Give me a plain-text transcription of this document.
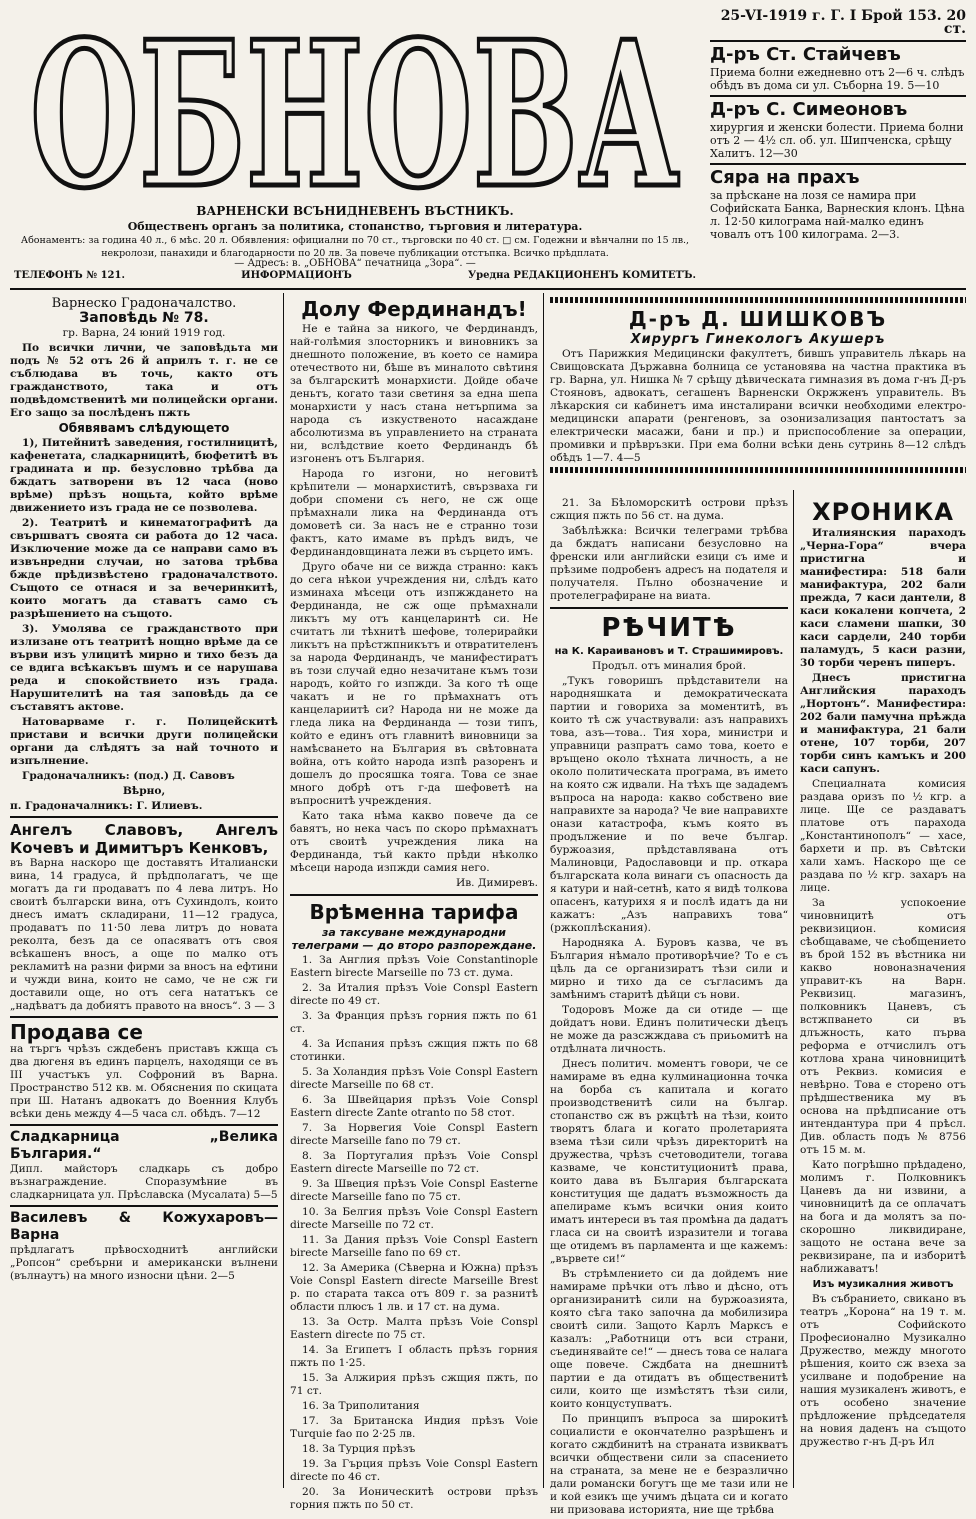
ОБНОВА
ВАРНЕНСКИ ВСЪНИДНЕВЕНЪ ВЪСТНИКЪ.
Общественъ органъ за политика, стопанство, търговия и литература.
Абонаментъ: за година 40 л., 6 мѣс. 20 л. Обявления: официални по 70 ст., търговски по 40 ст. □ см. Годежни и вѣнчални по 15 лв., некролози, панахиди и благодарности по 20 лв. За повече публикации отстъпка. Всичко прѣдплата.
— Адресъ: в. „ОБНОВА“ печатница „Зора“. —
ТЕЛЕФОНЪ № 121.	ИНФОРМАЦИОНЪ	Уредна РЕДАКЦИОНЕНЪ КОМИТЕТЪ.
25-VI-1919 г. Г. I Брой 153. 20 ст.
Д-ръ Ст. Стайчевъ

Приема болни ежедневно отъ 2—6 ч. слѣдъ обѣдъ въ дома си ул. Съборна 19. 5—10

Д-ръ С. Симеоновъ

хирургия и женски болести. Приема болни отъ 2 — 4½ сл. об. ул. Шипченска, срѣщу Халитъ. 12—30

Сяра на прахъ

за прѣскане на лозя се намира при Софийската Банка, Варнеския клонъ. Цѣна л. 12·50 килограма най-малко единъ човалъ отъ 100 килограма. 2—3.

Варнеско Градоначалство.
Заповѣдь № 78.

гр. Варна, 24 юний 1919 год.

По всички лични, че заповѣдьта ми подъ № 52 отъ 26 й априлъ т. г. не се съблюдава въ точь, както отъ гражданството, така и отъ подвѣдомственитѣ ми полицейски органи. Его защо за послѣденъ пжть

Обявявамъ слѣдующето

1), Питейнитѣ заведения, гостилницитѣ, кафенетата, сладкарницитѣ, бюфетитѣ въ градината и пр. безусловно трѣбва да бждатъ затворени въ 12 часа (ново врѣме) прѣзъ нощьта, който врѣме движението изъ града не се позволева.

2). Театритѣ и кинематографитѣ да свършватъ своята си работа до 12 часа. Изключение може да се направи само въ извънредни случаи, но затова трѣбва бжде прѣдизвѣстено градоначалството. Същото се отнася и за вечеринкитѣ, които могатъ да ставатъ само съ разрѣшението на същото.

3). Умолява се гражданството при излизане отъ театритѣ нощно врѣме да се върви изъ улицитѣ мирно и тихо безъ да се вдига всѣкакъвъ шумъ и се нарушава реда и спокойствието изъ града. Нарушителитѣ на тая заповѣдь да се съставятъ актове.

Натоварваме г. г. Полицейскитѣ пристави и всички други полицейски органи да слѣдятъ за най точното и изпълнение.

Градоначалникъ: (под.) Д. Савовъ

Вѣрно,

п. Градоначалникъ: Г. Илиевъ.

Ангелъ Славовъ, Ангелъ Кочевъ и Димитъръ Кенковъ,

въ Варна наскоро ще доставятъ Италиански вина, 14 градуса, й прѣдполагатъ, че ще могатъ да ги продаватъ по 4 лева литръ. Но своитѣ български вина, отъ Сухиндолъ, които днесъ иматъ складирани, 11—12 градуса, продаватъ по 11·50 лева литръ до новата реколта, безъ да се опасяватъ отъ своя всѣкашенъ вносъ, а още по малко отъ рекламитѣ на разни фирми за вносъ на ефтини и чужди вина, които не само, че не сж ги доставили още, но отъ сега нататъкъ се „надѣватъ да добиятъ правото на вносъ“. 3 — 3

Продава се

на търгъ чрѣзъ сждебенъ приставъ кжща съ два дюгеня въ единъ парцелъ, находящи се въ III участъкъ ул. Софроний въ Варна. Пространство 512 кв. м. Обяснения по скицата при Ш. Натанъ адвокатъ до Военния Клубъ всѣки день между 4—5 часа сл. обѣдъ. 7—12

Сладкарница „Велика България.“

Дипл. майсторъ сладкарь съ добро възнаграждение. Споразумѣние въ сладкарницата ул. Прѣславска (Мусалата) 5—5

Василевъ & Кожухаровъ— Варна

прѣдлагатъ прѣвосходнитѣ английски „Ропсон“ сребърни и американски вълнени (вълнаутъ) на много износни цѣни. 2—5

Долу Фердинандъ!

Не е тайна за никого, че Фердинандъ, най-голѣмия злосторникъ и виновникъ за днешното положение, въ което се намира отечеството ни, бѣше въ миналото свѣтиня за българскитѣ монархисти. Дойде обаче деньтъ, когато тази светиня за една шепа монархисти у насъ стана нетърпима за народа съ изкуственото насаждане абсолютизма въ управлението на страната ни, вслѣдствие което Фердинандъ бѣ изгоненъ отъ България.

Народа го изгони, но неговитѣ крѣпители — монархиститѣ, свързваха ги добри спомени съ него, не сж още прѣмахнали лика на Фердинанда отъ домоветѣ си. За насъ не е странно този фактъ, като имаме въ прѣдъ видъ, че Фердинандовщината лежи въ сърцето имъ.

Друго обаче ни се вижда странно: какъ до сега нѣкои учреждения ни, слѣдъ като изминаха мѣсеци отъ изпжждането на Фердинанда, не сж още прѣмахнали ликътъ му отъ канцеларинтѣ си. Не считатъ ли тѣхнитѣ шефове, толерирайки ликътъ на прѣстжпникътъ и отвратителенъ за народа Фердинандъ, че манифестиратъ въ този случай едно незачитане къмъ този народъ, който го изпжди. За кого тѣ още чакатъ и не го прѣмахнатъ отъ канцелариитѣ си? Народа ни не може да гледа лика на Фердинанда — този типъ, който е единъ отъ главнитѣ виновници за намѣсването на България въ свѣтовната война, отъ който народа изпѣ разоренъ и дошелъ до просяшка тояга. Това се знае много добрѣ отъ г-да шефоветѣ на въпроснитѣ учреждения.

Като така нѣма какво повече да се бавятъ, но нека часъ по скоро прѣмахнатъ отъ своитѣ учреждения лика на Фердинанда, тъй както прѣди нѣколко мѣсеци народа изпжди самия него.

Ив. Димиревъ.

Врѣменна тарифа
за таксуване международни телеграми — до второ разпореждане.

1. За Англия прѣзъ Voie Constantinople Eastern birecte Marseille по 73 ст. дума.

2. За Италия прѣзъ Voie Conspl Eastern directe по 49 ст.

3. За Франция прѣзъ горния пжть по 61 ст.

4. За Испания прѣзъ сжщия пжть по 68 стотинки.

5. За Холандия прѣзъ Voie Conspl Eastern directe Marseille по 68 ст.

6. За Швейцария прѣзъ Voie Conspl Eastern directe Zante otranto по 58 стот.

7. За Норвегия Voie Conspl Eastern directe Marseille fano по 79 ст.

8. За Португалия прѣзъ Voie Conspl Eastern directe Marseille по 72 ст.

9. За Швеция прѣзъ Voie Conspl Easterne directe Marseille fano по 75 ст.

10. За Белгия прѣзъ Voie Conspl Eastern directe Marseille по 72 ст.

11. За Дания прѣзъ Voie Conspl Eastern birecte Marseille fano по 69 ст.

12. За Америка (Сѣверна и Южна) прѣзъ Voie Conspl Eastern directe Marseille Brest р. по старата такса отъ 809 г. за разнитѣ области плюсъ 1 лв. и 17 ст. на дума.

13. За Остр. Малта прѣзъ Voie Conspl Eastern directe по 75 ст.

14. За Египетъ I область прѣзъ горния пжть по 1·25.

15. За Алжирия прѣзъ сжщия пжть, по 71 ст.

16. За Триполитания

17. За Британска Индия прѣзъ Voie Turquie fao по 2·25 лв.

18. За Турция прѣзъ

19. За Гърция прѣзъ Voie Conspl Eastern directe по 46 ст.

20. За Ионическитѣ острови прѣзъ горния пжть по 50 ст.

Д-ръ Д. ШИШКОВЪ
Хирургъ Гинекологъ Акушеръ

Отъ Парижкия Медицински факултетъ, бившъ управитель лѣкарь на Свищовската Държавна болница се установява на частна практика въ гр. Варна, ул. Нишка № 7 срѣщу дѣвическата гимназия въ дома г-нъ Д-ръ Стояновъ, адвокатъ, сегашенъ Варненски Окржженъ управитель. Въ лѣкарския си кабинетъ има инсталирани всички необходими електро-медицински апарати (ренгеновъ, за озонизализация пантостатъ за електрически масажи, бани и пр.) и приспособление за операции, промивки и прѣвръзки. При ема болни всѣки день сутринь 8—12 слѣдъ обѣдъ 1—7. 4—5

21. За Бѣломорскитѣ острови прѣзъ сжщия пжть по 56 ст. на дума.

Забѣлѣжка: Всички телеграми трѣбва да бждатъ написани безусловно на френски или английски езици съ име и прѣзиме подробенъ адресъ на подателя и получателя. Пълно обозначение и протелеграфиране на виата.

РѢЧИТѢ
на К. Караивановъ и Т. Страшимировъ.

Продъл. отъ миналия брой.

„Тукъ говоришъ прѣдставители на народняшката и демократическата партии и говориха за моментитѣ, въ които тѣ сж участвували: азъ направихъ това, азъ—това.. Тия хора, министри и управници разпратъ само това, което е връщено около тѣхната личность, а не около политическата програма, въ името на която сж идвали. На тѣхъ ще зададемъ въпроса на народа: какво собствено вие направихте за народа? Че вие направихте онази катастрофа, къмъ която въ продължение и по вече българ. буржоазия, прѣдставлявана отъ Малиновци, Радославовци и пр. откара българската кола винаги съ опасность да я катури и най-сетнѣ, като я видѣ толкова опасенъ, катурихя я и послѣ идатъ да ни кажатъ: „Азъ направихъ това“ (ржкоплѣскания).

Народняка А. Буровъ казва, че въ България нѣмало противорѣчие? То е съ цѣль да се организиратъ тѣзи сили и мирно и тихо да се съгласимъ да замѣнимъ старитѣ дѣйци съ нови.

Тодоровъ Може да си отиде — ще дойдатъ нови. Единъ политически дѣецъ не може да разсжждава съ приьомитѣ на отдѣлната личность.

Днесъ политич. моментъ говори, че се намираме въ една кулминационна точка на борба съ капитала и когато производственитѣ сили на българ. стопанство сж въ ржцѣтѣ на тѣзи, които творятъ блага и когато пролетарията взема тѣзи сили чрѣзъ директоритѣ на дружества, чрѣзъ счетоводители, тогава казваме, че конституционитѣ права, които дава въ България българската конституция ще дадатъ възможность да апелираме къмъ всички ония които иматъ интереси въ тая промѣна да дадатъ гласа си на своитѣ изразители и тогава ще отидемъ въ парламента и ще кажемъ: „вървете си!“

Въ стрѣмлението си да дойдемъ ние намираме прѣчки отъ лѣво и дѣсно, отъ организиранитѣ сили на буржоазията, която сѣга тако започна да мобилизира своитѣ сили. Защото Карлъ Марксъ е казалъ: „Работници отъ вси страни, съединявайте се!“ — днесъ това се налага още повече. Сждбата на днешнитѣ партии е да отидатъ въ общественитѣ сили, които ще измѣстятъ тѣзи сили, които концуступватъ.

По принципъ въпроса за широкитѣ социалисти е окончателно разрѣшенъ и когато сждбинитѣ на страната извикватъ всички обществени сили за спасението на страната, за мене не е безразлично дали романски богутъ ще ме тази или не и кой езикъ ще учимъ дѣцата си и когато ни призовава историята, ние ще трѣбва

ХРОНИКА

Италиянския параходъ „Черна-Гора“ вчера пристигна и манифестира: 518 бали манифактура, 202 бали прежда, 7 каси дантели, 8 каси кокалени копчета, 2 каси сламени шапки, 30 каси сардели, 240 торби паламудъ, 5 каси разни, 30 торби черенъ пиперъ.

Днесъ пристигна Английския параходъ „Нортонъ“. Манифестира: 202 бали памучна прѣжда и манифактура, 21 бали отене, 107 торби, 207 торби синъ камъкъ и 200 каси сапунъ.

Специалната комисия раздава оризъ по ½ кгр. а лице. Ще се раздаватъ платове отъ парахода „Константинополъ“ — хасе, бархети и пр. въ Свѣтски хали хамъ. Наскоро ще се раздава по ½ кгр. захаръ на лице.

За успокоение чиновницитѣ отъ реквизицион. комисия сѣобщаваме, че сѣобщението въ брой 152 въ вѣстника ни какво новоназначения управит-къ на Варн. Реквизиц. магазинъ, полковникъ Цаневъ, съ встжпването си въ длъжность, като първа реформа е отчислилъ отъ котлова храна чиновницитѣ отъ Реквиз. комисия е невѣрно. Това е сторено отъ прѣдшественика му въ основа на прѣдписание отъ интендантура при 4 прѣсл. Див. область подъ № 8756 отъ 15 м. м.

Като погрѣшно прѣдадено, молимъ г. Полковникъ Цаневъ да ни извини, а чиновницитѣ да се оплачатъ на бога и да молятъ за по-скорошно ликвидиране, защото не остана вече за реквизиране, па и изборитѣ наближаватъ!

Изъ музикалния животъ

Въ събранието, свикано въ театръ „Корона“ на 19 т. м. отъ Софийското Професионално Музикално Дружество, между многото рѣшения, които сж взеха за усилване и подобрение на нашия музикаленъ животъ, е отъ особено значение прѣдложение прѣдседателя на новия даденъ на същото дружество г-нъ Д-ръ Ил
